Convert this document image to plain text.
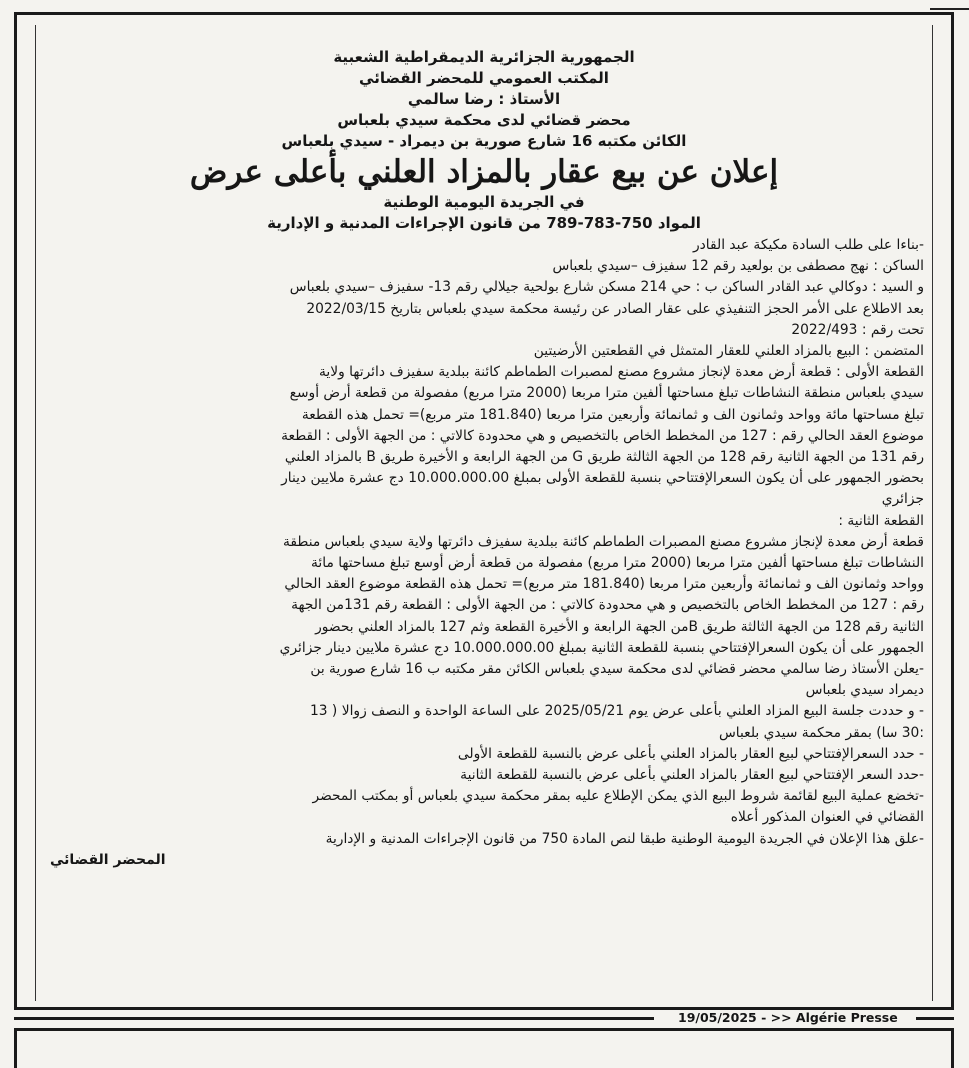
الجمهورية الجزائرية الديمقراطية الشعبية
المكتب العمومي للمحضر القضائي
الأستاذ : رضا سالمي
محضر قضائي لدى محكمة سيدي بلعباس
الكائن مكتبه 16 شارع صورية بن ديمراد - سيدي بلعباس
إعلان عن بيع عقار بالمزاد العلني بأعلى عرض
في الجريدة اليومية الوطنية
المواد 750-783-789 من قانون الإجراءات المدنية و الإدارية

-بناءا على طلب السادة مكيكة عبد القادر

الساكن : نهج مصطفى بن بولعيد رقم 12 سفيزف –سيدي بلعباس

و السيد : دوكالي عبد القادر الساكن ب : حي 214 مسكن شارع بولحية جيلالي رقم 13- سفيزف –سيدي بلعباس

بعد الاطلاع على الأمر الحجز التنفيذي على عقار الصادر عن رئيسة محكمة سيدي بلعباس بتاريخ 2022/03/15

تحت رقم : 2022/493

المتضمن : البيع بالمزاد العلني للعقار المتمثل في القطعتين الأرضيتين

القطعة الأولى : قطعة أرض معدة لإنجاز مشروع مصنع لمصبرات الطماطم كائنة ببلدية سفيزف دائرتها ولاية

سيدي بلعباس منطقة النشاطات تبلغ مساحتها ألفين مترا مربعا (2000 مترا مربع) مفصولة من قطعة أرض أوسع

تبلغ مساحتها مائة وواحد وثمانون الف و ثمانمائة وأربعين مترا مربعا (181.840 متر مربع)= تحمل هذه القطعة

موضوع العقد الحالي رقم : 127 من المخطط الخاص بالتخصيص و هي محدودة كالاتي : من الجهة الأولى : القطعة

رقم 131 من الجهة الثانية رقم 128 من الجهة الثالثة طريق G من الجهة الرابعة و الأخيرة طريق B بالمزاد العلني

بحضور الجمهور على أن يكون السعرالإفتتاحي بنسبة للقطعة الأولى بمبلغ 10.000.000.00 دج عشرة ملايين دينار

جزائري

القطعة الثانية :

قطعة أرض معدة لإنجاز مشروع مصنع المصبرات الطماطم كائنة ببلدية سفيزف دائرتها ولاية سيدي بلعباس منطقة

النشاطات تبلغ مساحتها ألفين مترا مربعا (2000 مترا مربع) مفصولة من قطعة أرض أوسع تبلغ مساحتها مائة

وواحد وثمانون الف و ثمانمائة وأربعين مترا مربعا (181.840 متر مربع)= تحمل هذه القطعة موضوع العقد الحالي

رقم : 127 من المخطط الخاص بالتخصيص و هي محدودة كالاتي : من الجهة الأولى : القطعة رقم 131من الجهة

الثانية رقم 128 من الجهة الثالثة طريق Bمن الجهة الرابعة و الأخيرة القطعة وثم 127 بالمزاد العلني بحضور

الجمهور على أن يكون السعرالإفتتاحي بنسبة للقطعة الثانية بمبلغ 10.000.000.00 دج عشرة ملايين دينار جزائري

-يعلن الأستاذ رضا سالمي محضر قضائي لدى محكمة سيدي بلعباس الكائن مقر مكتبه ب 16 شارع صورية بن

ديمراد سيدي بلعباس

- و حددت جلسة البيع المزاد العلني بأعلى عرض يوم 2025/05/21 على الساعة الواحدة و النصف زوالا ( 13

:30 سا) بمقر محكمة سيدي بلعباس

- حدد السعرالإفتتاحي لبيع العقار بالمزاد العلني بأعلى عرض بالنسبة للقطعة الأولى

-حدد السعر الإفتتاحي لبيع العقار بالمزاد العلني بأعلى عرض بالنسبة للقطعة الثانية

-تخضع عملية البيع لقائمة شروط البيع الذي يمكن الإطلاع عليه بمقر محكمة سيدي بلعباس أو بمكتب المحضر

القضائي في العنوان المذكور أعلاه

-علق هذا الإعلان في الجريدة اليومية الوطنية طبقا لنص المادة 750 من قانون الإجراءات المدنية و الإدارية

المحضر القضائي
19/05/2025 - >> Algérie Presse
